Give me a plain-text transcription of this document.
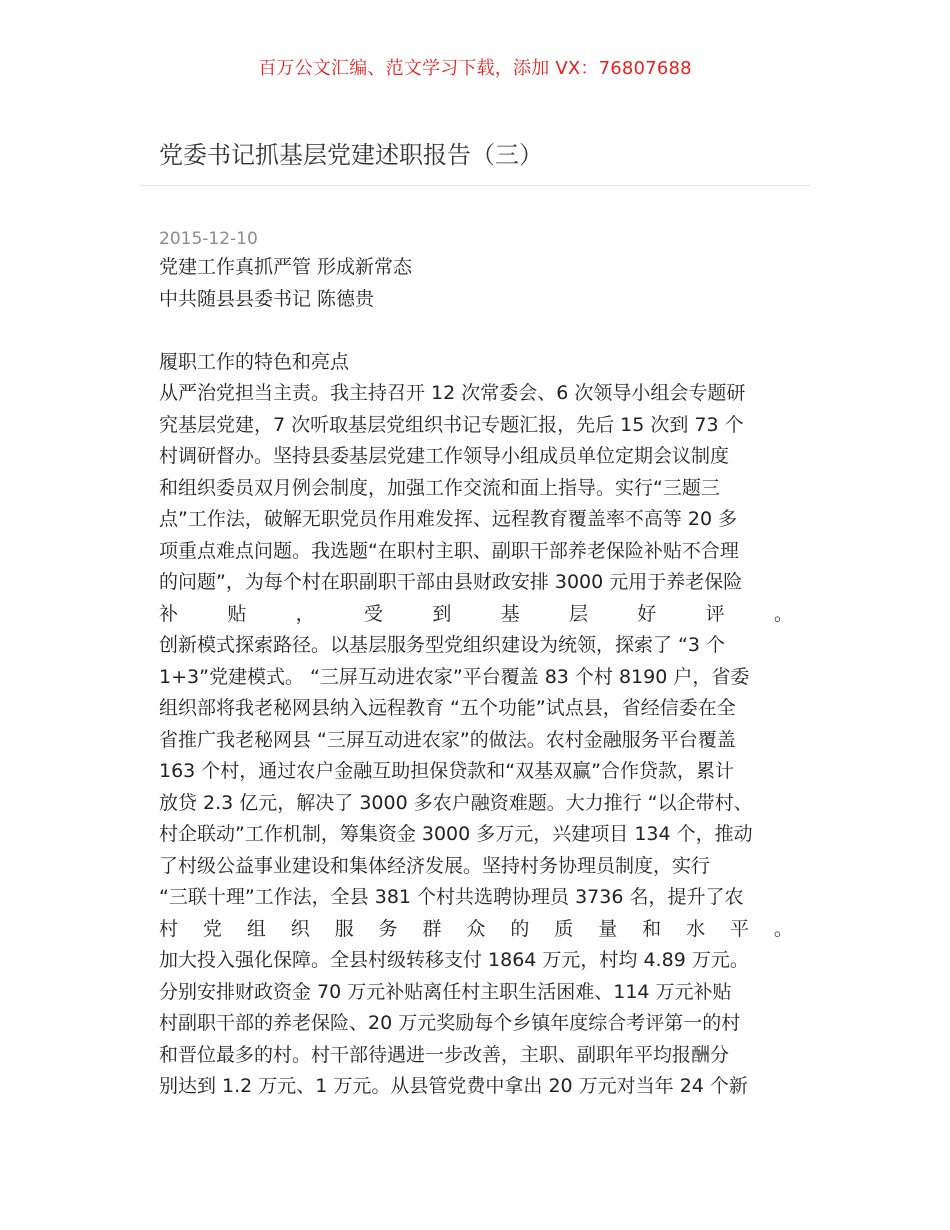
百万公文汇编、范文学习下载，添加 VX：76807688
党委书记抓基层党建述职报告（三）
2015-12-10
党建工作真抓严管 形成新常态
中共随县县委书记 陈德贵
履职工作的特色和亮点
从严治党担当主责。我主持召开 12 次常委会、6 次领导小组会专题研
究基层党建，7 次听取基层党组织书记专题汇报，先后 15 次到 73 个
村调研督办。坚持县委基层党建工作领导小组成员单位定期会议制度
和组织委员双月例会制度，加强工作交流和面上指导。实行“三题三
点”工作法，破解无职党员作用难发挥、远程教育覆盖率不高等 20 多
项重点难点问题。我选题“在职村主职、副职干部养老保险补贴不合理
的问题”，为每个村在职副职干部由县财政安排 3000 元用于养老保险
补	贴	，	受	到	基	层	好	评	。
创新模式探索路径。以基层服务型党组织建设为统领，探索了 “3 个
1+3”党建模式。 “三屏互动进农家”平台覆盖 83 个村 8190 户，省委
组织部将我老秘网县纳入远程教育 “五个功能”试点县，省经信委在全
省推广我老秘网县 “三屏互动进农家”的做法。农村金融服务平台覆盖
163 个村，通过农户金融互助担保贷款和“双基双赢”合作贷款，累计
放贷 2.3 亿元，解决了 3000 多农户融资难题。大力推行 “以企带村、
村企联动”工作机制，筹集资金 3000 多万元，兴建项目 134 个，推动
了村级公益事业建设和集体经济发展。坚持村务协理员制度，实行
“三联十理”工作法，全县 381 个村共选聘协理员 3736 名，提升了农
村 党 组 织 服 务 群 众 的 质 量 和 水 平 。
加大投入强化保障。全县村级转移支付 1864 万元，村均 4.89 万元。
分别安排财政资金 70 万元补贴离任村主职生活困难、114 万元补贴
村副职干部的养老保险、20 万元奖励每个乡镇年度综合考评第一的村
和晋位最多的村。村干部待遇进一步改善，主职、副职年平均报酬分
别达到 1.2 万元、1 万元。从县管党费中拿出 20 万元对当年 24 个新
